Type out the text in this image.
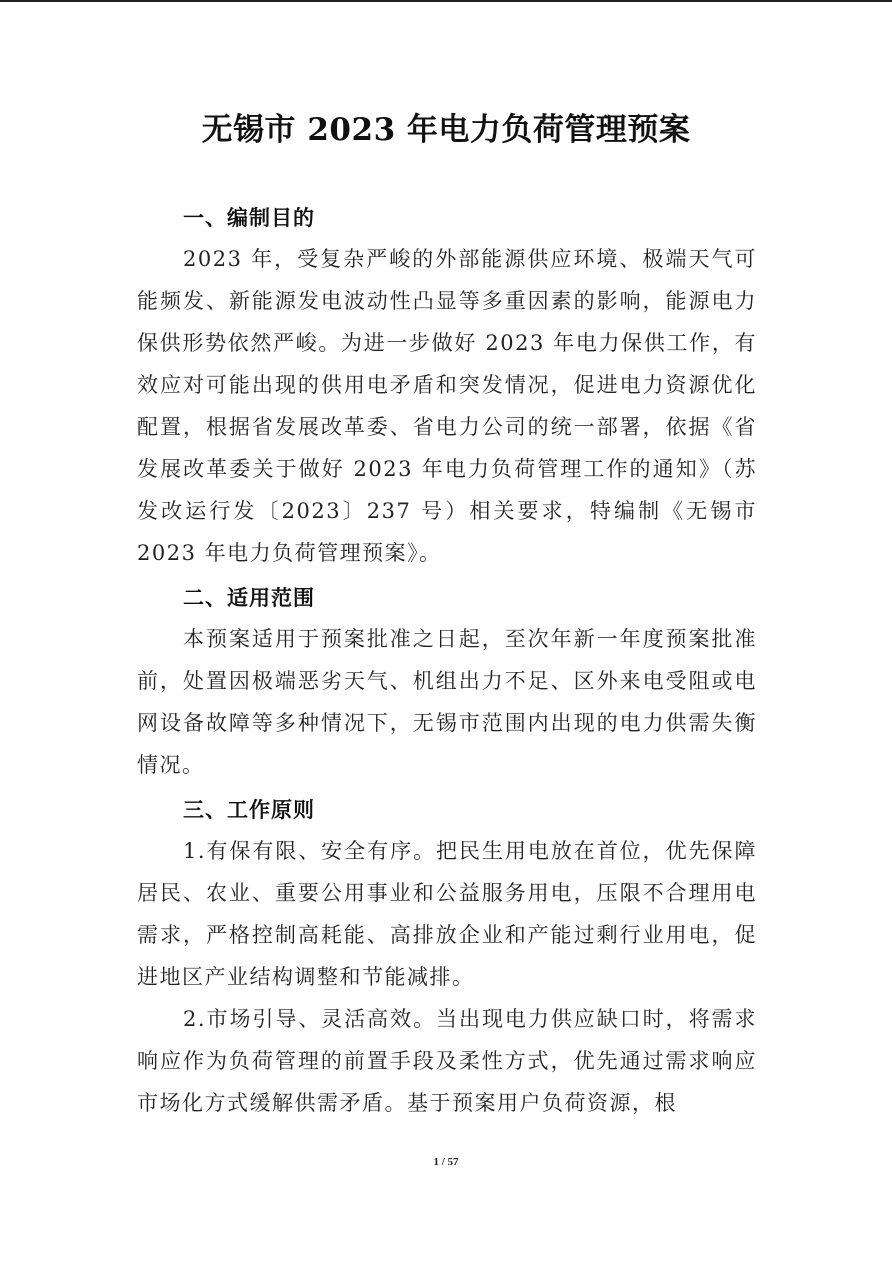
无锡市 2023 年电力负荷管理预案
一、编制目的

2023 年，受复杂严峻的外部能源供应环境、极端天气可能频发、新能源发电波动性凸显等多重因素的影响，能源电力保供形势依然严峻。为进一步做好 2023 年电力保供工作，有效应对可能出现的供用电矛盾和突发情况，促进电力资源优化配置，根据省发展改革委、省电力公司的统一部署，依据《省发展改革委关于做好 2023 年电力负荷管理工作的通知》（苏发改运行发〔2023〕237 号）相关要求，特编制《无锡市 2023 年电力负荷管理预案》。

二、适用范围

本预案适用于预案批准之日起，至次年新一年度预案批准前，处置因极端恶劣天气、机组出力不足、区外来电受阻或电网设备故障等多种情况下，无锡市范围内出现的电力供需失衡情况。

三、工作原则

1.有保有限、安全有序。把民生用电放在首位，优先保障居民、农业、重要公用事业和公益服务用电，压限不合理用电需求，严格控制高耗能、高排放企业和产能过剩行业用电，促进地区产业结构调整和节能减排。

2.市场引导、灵活高效。当出现电力供应缺口时，将需求响应作为负荷管理的前置手段及柔性方式，优先通过需求响应市场化方式缓解供需矛盾。基于预案用户负荷资源，根

1 / 57
